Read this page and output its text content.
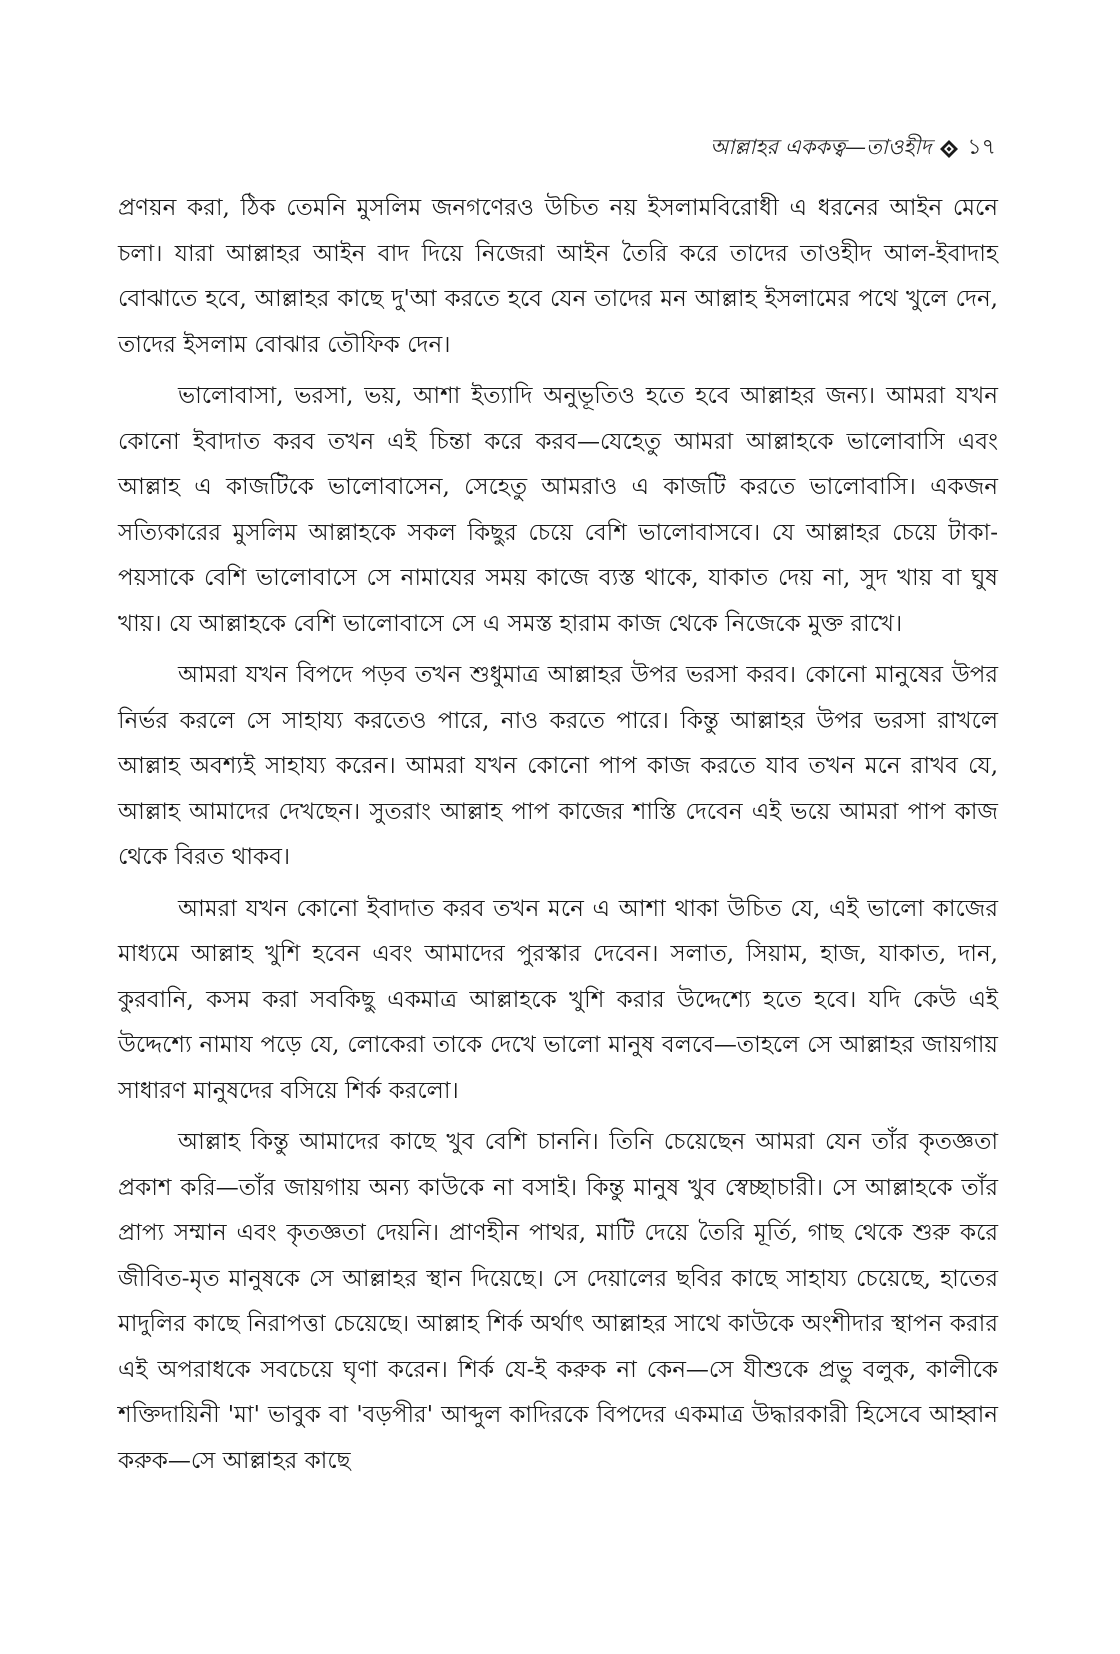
আল্লাহর এককত্ব—তাওহীদ ১৭

প্রণয়ন করা, ঠিক তেমনি মুসলিম জনগণেরও উচিত নয় ইসলামবিরোধী এ ধরনের আইন মেনে চলা। যারা আল্লাহর আইন বাদ দিয়ে নিজেরা আইন তৈরি করে তাদের তাওহীদ আল-ইবাদাহ বোঝাতে হবে, আল্লাহর কাছে দু'আ করতে হবে যেন তাদের মন আল্লাহ ইসলামের পথে খুলে দেন, তাদের ইসলাম বোঝার তৌফিক দেন।

ভালোবাসা, ভরসা, ভয়, আশা ইত্যাদি অনুভূতিও হতে হবে আল্লাহর জন্য। আমরা যখন কোনো ইবাদাত করব তখন এই চিন্তা করে করব—যেহেতু আমরা আল্লাহকে ভালোবাসি এবং আল্লাহ এ কাজটিকে ভালোবাসেন, সেহেতু আমরাও এ কাজটি করতে ভালোবাসি। একজন সত্যিকারের মুসলিম আল্লাহকে সকল কিছুর চেয়ে বেশি ভালোবাসবে। যে আল্লাহর চেয়ে টাকা-পয়সাকে বেশি ভালোবাসে সে নামাযের সময় কাজে ব্যস্ত থাকে, যাকাত দেয় না, সুদ খায় বা ঘুষ খায়। যে আল্লাহকে বেশি ভালোবাসে সে এ সমস্ত হারাম কাজ থেকে নিজেকে মুক্ত রাখে।

আমরা যখন বিপদে পড়ব তখন শুধুমাত্র আল্লাহর উপর ভরসা করব। কোনো মানুষের উপর নির্ভর করলে সে সাহায্য করতেও পারে, নাও করতে পারে। কিন্তু আল্লাহর উপর ভরসা রাখলে আল্লাহ অবশ্যই সাহায্য করেন। আমরা যখন কোনো পাপ কাজ করতে যাব তখন মনে রাখব যে, আল্লাহ আমাদের দেখছেন। সুতরাং আল্লাহ পাপ কাজের শাস্তি দেবেন এই ভয়ে আমরা পাপ কাজ থেকে বিরত থাকব।

আমরা যখন কোনো ইবাদাত করব তখন মনে এ আশা থাকা উচিত যে, এই ভালো কাজের মাধ্যমে আল্লাহ খুশি হবেন এবং আমাদের পুরস্কার দেবেন। সলাত, সিয়াম, হাজ, যাকাত, দান, কুরবানি, কসম করা সবকিছু একমাত্র আল্লাহকে খুশি করার উদ্দেশ্যে হতে হবে। যদি কেউ এই উদ্দেশ্যে নামায পড়ে যে, লোকেরা তাকে দেখে ভালো মানুষ বলবে—তাহলে সে আল্লাহর জায়গায় সাধারণ মানুষদের বসিয়ে শির্ক করলো।

আল্লাহ কিন্তু আমাদের কাছে খুব বেশি চাননি। তিনি চেয়েছেন আমরা যেন তাঁর কৃতজ্ঞতা প্রকাশ করি—তাঁর জায়গায় অন্য কাউকে না বসাই। কিন্তু মানুষ খুব স্বেচ্ছাচারী। সে আল্লাহকে তাঁর প্রাপ্য সম্মান এবং কৃতজ্ঞতা দেয়নি। প্রাণহীন পাথর, মাটি দেয়ে তৈরি মূর্তি, গাছ থেকে শুরু করে জীবিত-মৃত মানুষকে সে আল্লাহর স্থান দিয়েছে। সে দেয়ালের ছবির কাছে সাহায্য চেয়েছে, হাতের মাদুলির কাছে নিরাপত্তা চেয়েছে। আল্লাহ শির্ক অর্থাৎ আল্লাহর সাথে কাউকে অংশীদার স্থাপন করার এই অপরাধকে সবচেয়ে ঘৃণা করেন। শির্ক যে-ই করুক না কেন—সে যীশুকে প্রভু বলুক, কালীকে শক্তিদায়িনী 'মা' ভাবুক বা 'বড়পীর' আব্দুল কাদিরকে বিপদের একমাত্র উদ্ধারকারী হিসেবে আহ্বান করুক—সে আল্লাহর কাছে
